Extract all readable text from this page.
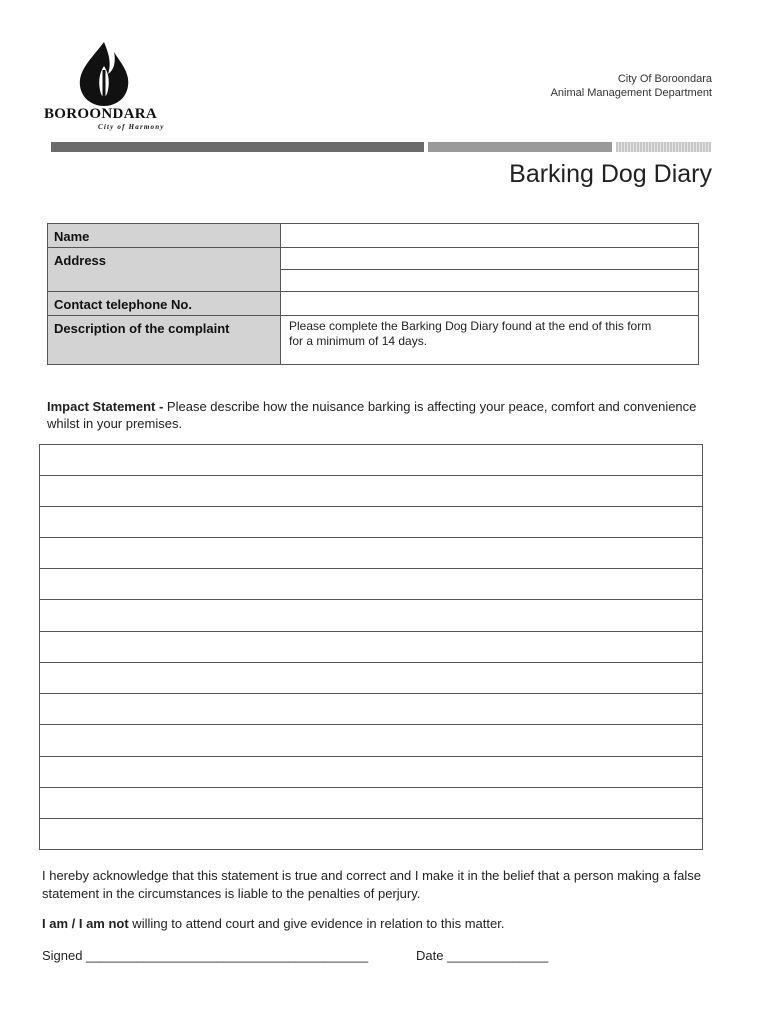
BOROONDARA
City of Harmony
City Of Boroondara
Animal Management Department
Barking Dog Diary
Name
Address
Contact telephone No.
Description of the complaint	Please complete the Barking Dog Diary found at the end of this form for a minimum of 14 days.
Impact Statement - Please describe how the nuisance barking is affecting your peace, comfort and convenience whilst in your premises.
I hereby acknowledge that this statement is true and correct and I make it in the belief that a person making a false statement in the circumstances is liable to the penalties of perjury.
I am / I am not willing to attend court and give evidence in relation to this matter.
Signed _______________________________________	Date ______________
